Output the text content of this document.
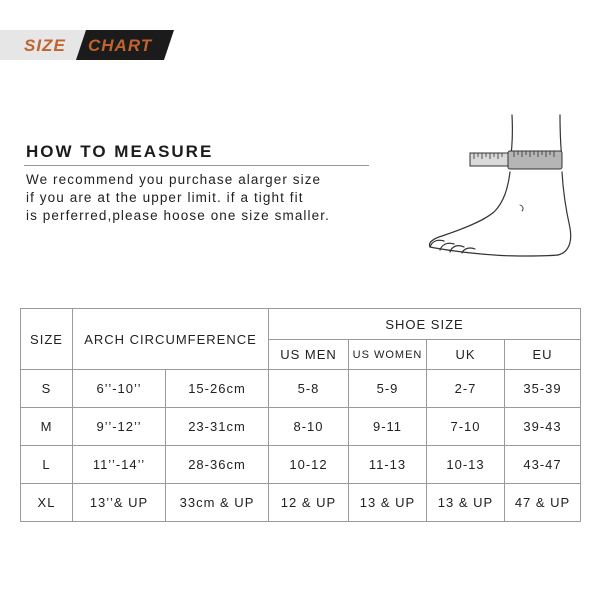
SIZE CHART
HOW TO MEASURE
We recommend you purchase alarger size
if you are at the upper limit. if a tight fit
is perferred,please hoose one size smaller.
SIZE	ARCH CIRCUMFERENCE		SHOE SIZE			
			US MEN	US WOMEN	UK	EU
S	6’’-10’’	15-26cm	5-8	5-9	2-7	35-39
M	9’’-12’’	23-31cm	8-10	9-11	7-10	39-43
L	11’’-14’’	28-36cm	10-12	11-13	10-13	43-47
XL	13’’& UP	33cm & UP	12 & UP	13 & UP	13 & UP	47 & UP
